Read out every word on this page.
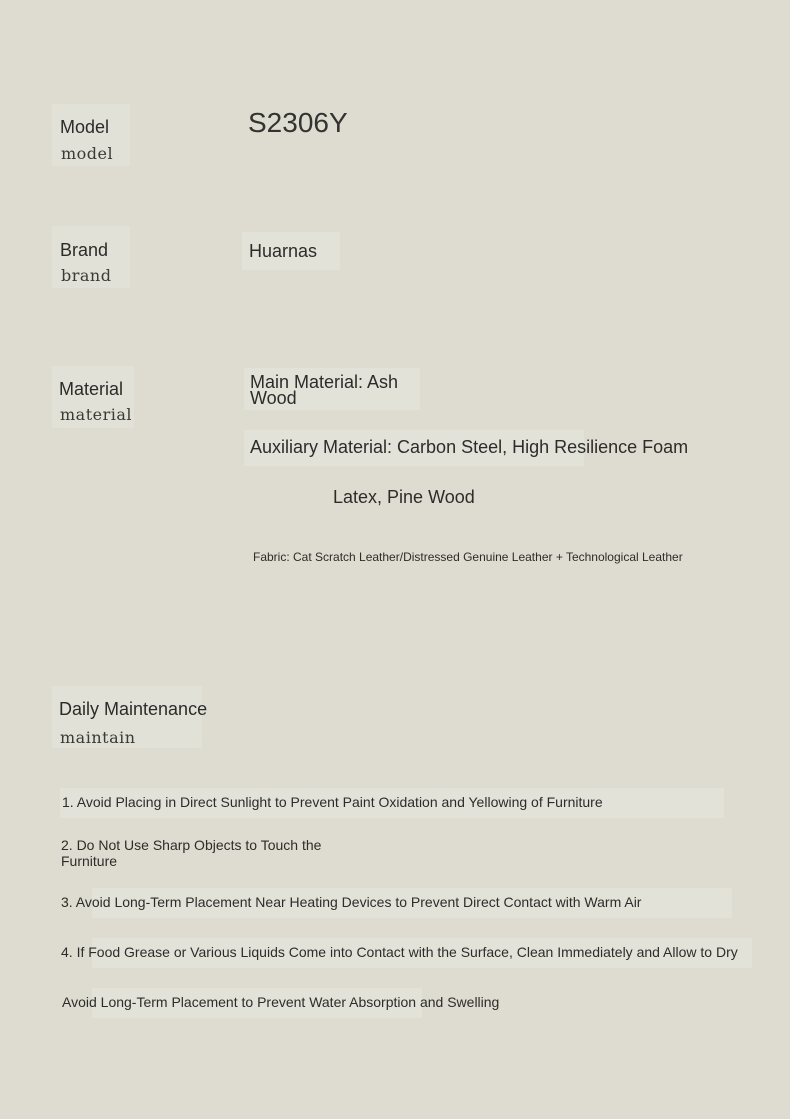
Model
model
S2306Y
Brand
brand
Huarnas
Material
material
Main Material: Ash Wood
Auxiliary Material: Carbon Steel, High Resilience Foam
Latex, Pine Wood
Fabric: Cat Scratch Leather/Distressed Genuine Leather + Technological Leather
Daily Maintenance
maintain
1. Avoid Placing in Direct Sunlight to Prevent Paint Oxidation and Yellowing of Furniture
2. Do Not Use Sharp Objects to Touch the Furniture
3. Avoid Long-Term Placement Near Heating Devices to Prevent Direct Contact with Warm Air
4. If Food Grease or Various Liquids Come into Contact with the Surface, Clean Immediately and Allow to Dry
Avoid Long-Term Placement to Prevent Water Absorption and Swelling
